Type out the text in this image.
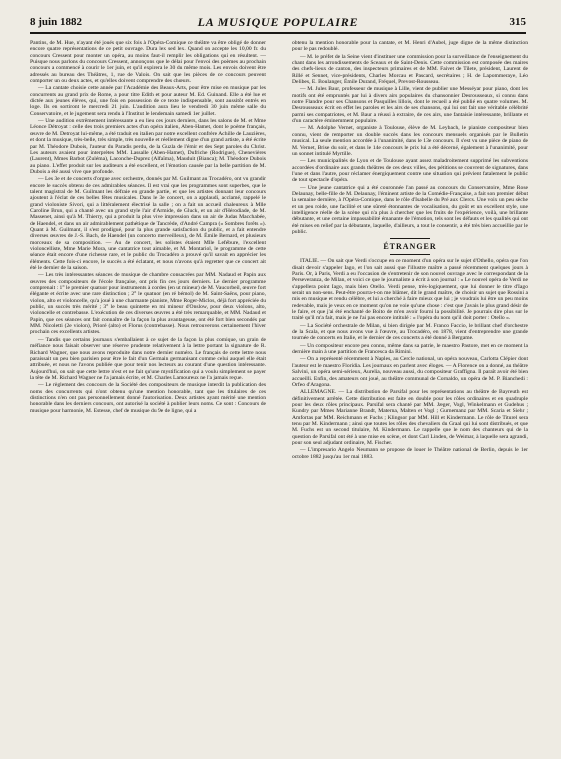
8 juin 1882	LA MUSIQUE POPULAIRE	315

Pantins, de M. Hue, n'ayant été joués que six fois à l'Opéra-Comique ce théâtre va être obligé de donner encore quatre représentations de ce petit ouvrage. Dura lex sed lex. Quand on accepte les 10,00 fr. du concours Cressent pour monter un opéra, au moins faut-il remplir les obligations qui en résultent. — Puisque nous parlons du concours Cressent, annonçons que le délai pour l'envoi des poèmes au prochain concours a commencé à courir le 1er juin, et qu'il expirera le 30 du même mois. Les envois doivent être adressés au bureau des Théâtres, 1, rue de Valois. On sait que les pièces de ce concours peuvent comporter un ou deux actes, et qu'elles doivent comprendre des chœurs.

— La cantate choisie cette année par l'Académie des Beaux-Arts, pour être mise en musique par les concurrents au grand prix de Rome, a pour titre Edith et pour auteur M. Ed. Guinand. Elle a été lue et dictée aux jeunes élèves, qui, une fois en possession de ce texte indispensable, sont aussitôt entrés en loge. Ils en sortiront le mercredi 21 juin. L'audition aura lieu le vendredi 30 juin même salle du Conservatoire, et le jugement sera rendu à l'Institut le lendemain samedi 1er juillet.

— Une audition extrêmement intéressante a eu lieu ces jours derniers, dans les salons de M. et Mme Léonce Détroyat : celle des trois premiers actes d'un opéra italien, Aben-Hamet, dont le poème français, œuvre de M. Detroyat lui-même, a été traduit en italien par notre excellent confrère Achille de Lauzières, et dont la musique, très-belle, très simple, très nouvelle et réellement digne d'un grand artiste, a été écrite par M. Théodore Dubois, l'auteur du Paradis perdu, de la Guzla de l'émir et des Sept paroles du Christ. Les auteurs avaient pour interprètes MM. Lassalle (Aben-Hamet), Dufriche (Rodrigue), Chenevières (Laurent), Mmes Barbot (Zuléma), Laconche-Duprez (Alfaïma), Mauduit (Bianca); M. Théodore Dubois au piano. L'effet produit sur les auditeurs a été excellent, et l'émotion causée par la belle partition de M. Dubois a été aussi vive que profonde.

— Les 3e et 4e concerts d'orgue avec orchestre, donnés par M. Guilmant au Trocadéro, ont vu grandir encore le succès obtenu de ces admirables séances. Il est vrai que les programmes sont superbes, que le talent magistral de M. Guilmant les défraie en grande partie, et que les artistes donnant leur concours ajoutent à l'éclat de ces belles fêtes musicales. Dans le 3e concert, on a applaudi, acclamé, rappelé le grand violoniste Sivori, qui a littéralement électrisé la salle ; on a fait un accueil chaleureux à Mlle Caroline Brun, qui a chanté avec un grand style l'air d'Armide, de Gluck, et un air d'Hérodiade, de M. Massenet, ainsi qu'à M. Thierry, qui a produit la plus vive impression dans un air de Judas Macchabée, de Haendel, et dans un air admirablement pathétique de Tancrède, d'André Campra (« Sombres forêts »). Quant à M. Guilmant, il s'est prodigué, pour la plus grande satisfaction du public, et a fait entendre diverses œuvres de J.-S. Bach, de Haendel (un concerto merveilleux), de M. Émile Bernard, et plusieurs morceaux de sa composition. — Au 4e concert, les solistes étaient Mlle Lefébure, l'excellent violoncelliste, Mme Marie Mora, une cantatrice tout aimable, et M. Montariol, le programme de cette séance était encore d'une richesse rare, et le public du Trocadéro a prouvé qu'il savait en apprécier les éléments. Cette fois-ci encore, le succès a été éclatant, et nous n'avons qu'à regretter que ce concert ait été le dernier de la saison.

— Les très intéressantes séances de musique de chambre consacrées par MM. Nadaud et Papin aux œuvres des compositeurs de l'école française, ont pris fin ces jours derniers. Le dernier programme comprenait : 1° le premier quatuor pour instruments à cordes (en ut mineur) de M. Vaucorbeil, œuvre fort élégante et écrite avec une rare distinction ; 2° le quatuor (en ré bémol) de M. Saint-Saëns, pour piano, violon, alto et violoncelle, qu'a joué à une charmante pianiste, Mme Roger-Miclos, déjà fort appréciée du public, un succès très mérité ; 3° le beau quintette en mi mineur d'Onslow, pour deux violons, alto, violoncelle et contrebasse. L'exécution de ces diverses œuvres a été très remarquable, et MM. Nadaud et Papin, que ces séances ont fait connaître de la façon la plus avantageuse, ont été fort bien secondés par MM. Nicoletti (2e violon), Prioré (alto) et Florus (contrebasse). Nous retrouverons certainement l'hiver prochain ces excellents artistes.

— Tandis que certains journaux s'emballaient à ce sujet de la façon la plus comique, un grain de méfiance nous faisait observer une réserve prudente relativement à la lettre portant la signature de R. Richard Wagner, que nous avons reproduite dans notre dernier numéro. Le français de cette lettre nous paraissait un peu bien parisien pour être le fait d'un Germain germanisant comme celui auquel elle était attribuée, et nous ne l'avons publiée que pour tenir nos lecteurs au courant d'une question intéressante. Aujourd'hui, on sait que cette lettre n'est et ne fait qu'une mystification qui a voulu simplement se payer la tête de M. Richard Wagner ne l'a jamais écrite, et M. Charles Lamoureux ne l'a jamais reçue.

— Le règlement des concours de la Société des compositeurs de musique interdit la publication des noms des concurrents qui n'ont obtenu qu'une mention honorable, tant que les titulaires de ces distinctions n'en ont pas personnellement donné l'autorisation. Deux artistes ayant mérité une mention honorable dans les derniers concours, ont autorisé la société à publier leurs noms. Ce sont : Concours de musique pour harmonie, M. Estesse, chef de musique du 9e de ligne, qui a

obtenu la mention honorable pour la cantate, et M. Henri d'Aubel, juge digne de la même distinction pour le pas redoublé.

— M. le préfet de la Seine vient d'instituer une commission pour la surveillance de l'enseignement du chant dans les arrondissements de Sceaux et de Saint-Denis. Cette commission est composée des maires des chefs-lieux de canton, des inspecteurs primaires et de MM. Faivet de Tilete, président, Laurent de Rillé et Sennet, vice-présidents, Charles Morcau et Pascard, secrétaires ; H. de Lapommeraye, Léo Delibes, E. Boulanger, Émile Durand, Fréquel, Prevost-Rousseau.

— M. Jules Baur, professeur de musique à Lille, vient de publier une Messéyar pour piano, dont les motifs ont été empruntés par lui à divers airs populaires du chansonnier Desrousseaux, si connu dans notre Flandre pour ses Chansons et Pasquilles lillois, dont le recueil a été publié en quatre volumes. M. Desrousseaux écrit en effet les paroles et les airs de ses chansons, qui lui ont fait une véritable célébrité parmi ses compatriotes, et M. Baur a réussi à extraire, de ces airs, une fantaisie intéressante, brillante et d'un caractère éminemment populaire.

— M. Adolphe Vernet, organiste à Toulouse, élève de M. Leybach, le pianiste compositeur bien connu, vient de remporter un double succès dans les concours mensuels organisés par le Bulletin musical. La seule mention accordée à l'unanimité, dans le 13e concours. Il s'est vu une pièce de piano de M. Vernet, Brise du soir, et dans le 14e concours le prix lui a été décerné, également à l'unanimité, pour un sonnet intitulé Myrtille.

— Les municipalités de Lyon et de Toulouse ayant assez maladroitement supprimé les subventions accordées d'ordinaire aux grands théâtres de ces deux villes, des pétitions se couvrent de signatures, dans l'une et dans l'autre, pour réclamer énergiquement contre une situation qui prévient fatalement le public de tout spectacle d'opéra.

— Une jeune cantatrice qui a été couronnée l'an passé au concours du Conservatoire, Mme Rose Delaunay, belle-fille de M. Delaunay, l'éminent artiste de la Comédie-Française, a fait son premier début la semaine dernière, à l'Opéra-Comique, dans le rôle d'Isabelle du Pré aux Clercs. Une voix un peu sèche et un peu roide, une facilité et une sûreté étonnantes de vocalisation, du goût et un excellent style, une intelligence réelle de la scène qui n'a plus à chercher que les fruits de l'expérience, voilà, une brillante débutante, et une certaine impassabilité émanante de l'émotion, tels sont les défauts et les qualités qui ont été mises en relief par la débutante, laquelle, d'ailleurs, a tout le consentir, a été très bien accueillie par le public.

ÉTRANGER

ITALIE. — On sait que Verdi s'occupe en ce moment d'un opéra sur le sujet d'Othello, opéra que l'on disait devoir s'appeler Iago, et l'on sait aussi que l'illustre maître a passé récemment quelques jours à Paris. Or, à Paris, Verdi a eu l'occasion de s'entretenir de son nouvel ouvrage avec le correspondant de la Perseveranza, de Milan, et voici ce que le journaliste a écrit à son journal : « Le nouvel opéra de Verdi ne s'appellera point Iago, mais bien Otello. Verdi pense, très-logiquement, que lui donner le titre d'Iago serait un non-sens. Peut-être pourra-t-on me blâmer, dit le grand maître, de choisir un sujet que Rossini a mis en musique et rendu célèbre, et lui a cherché à faire mieux que lui ; je voudrais lui être un peu moins redevable, mais je veux en ce moment qu'on ne voie qu'une chose : c'est que j'avais le plus grand désir de le faire, et que j'ai été enchanté de Boito de m'en avoir fourni la possibilité. Je pourrais dire plus sur le traité qu'il m'a fait, mais je ne l'ai pas encore intitulé : « l'opéra du nom qu'il doit porter : Otello ».

— La Société orchestrale de Milan, si bien dirigée par M. Franco Faccio, le brillant chef d'orchestre de la Scala, et que nous avons vue à l'œuvre, au Trocadéro, en 1878, vient d'entreprendre une grande tournée de concerts en Italie, et le dernier de ces concerts a été donné à Bergame.

— Un compositeur encore peu connu, même dans sa patrie, le maestro Pastore, met en ce moment la dernière main à une partition de Francesca da Rimini.

— On a représenté récemment à Naples, au Cercle national, un opéra nouveau, Carlotta Clépier dont l'auteur est le maestro Floridia. Les journaux en parlent avec éloges. — A Florence on a donné, au théâtre Salvini, un opéra semi-sérieux, Aurelia, nouveau aussi, du compositeur Graffigna. Il paraît avoir été bien accueilli. Enfin, des amateurs ont joué, au théâtre communal de Cornaldo, un opéra de M. P. Bianchedi : Orfeo d'Aragona.

ALLEMAGNE. — La distribution de Parsifal pour les représentations au théâtre de Bayreuth est définitivement arrêtée. Cette distribution est faite en double pour les rôles ordinaires et en quadruple pour les deux rôles principaux. Parsifal sera chanté par MM. Jæger, Vogl, Winkelmann et Gudehus ; Kundry par Mmes Marianne Brandt, Materna, Malten et Vogl ; Gurnemanz par MM. Scaria et Siehr ; Amfortas par MM. Reichmann et Fuchs ; Klingsor par MM. Hill et Kindermann. Le rôle de Titurel sera tenu par M. Kindermann ; ainsi que toutes les rôles des chevaliers du Graal qui lui sont distribués, et que M. Fuchs est un second titulaire, M. Kindermann. Le rappelle que le nom des chanteurs qui de la question de Parsifal ont été à une mise en scène, et dont Carl Linden, de Weimar, à laquelle sera agrandi, pour son seul adjudant ordinaire, M. Fischer.

— L'impresario Angelo Neumann se propose de louer le Théâtre national de Berlin, depuis le 1er octobre 1882 jusqu'au 1er mai 1883.
